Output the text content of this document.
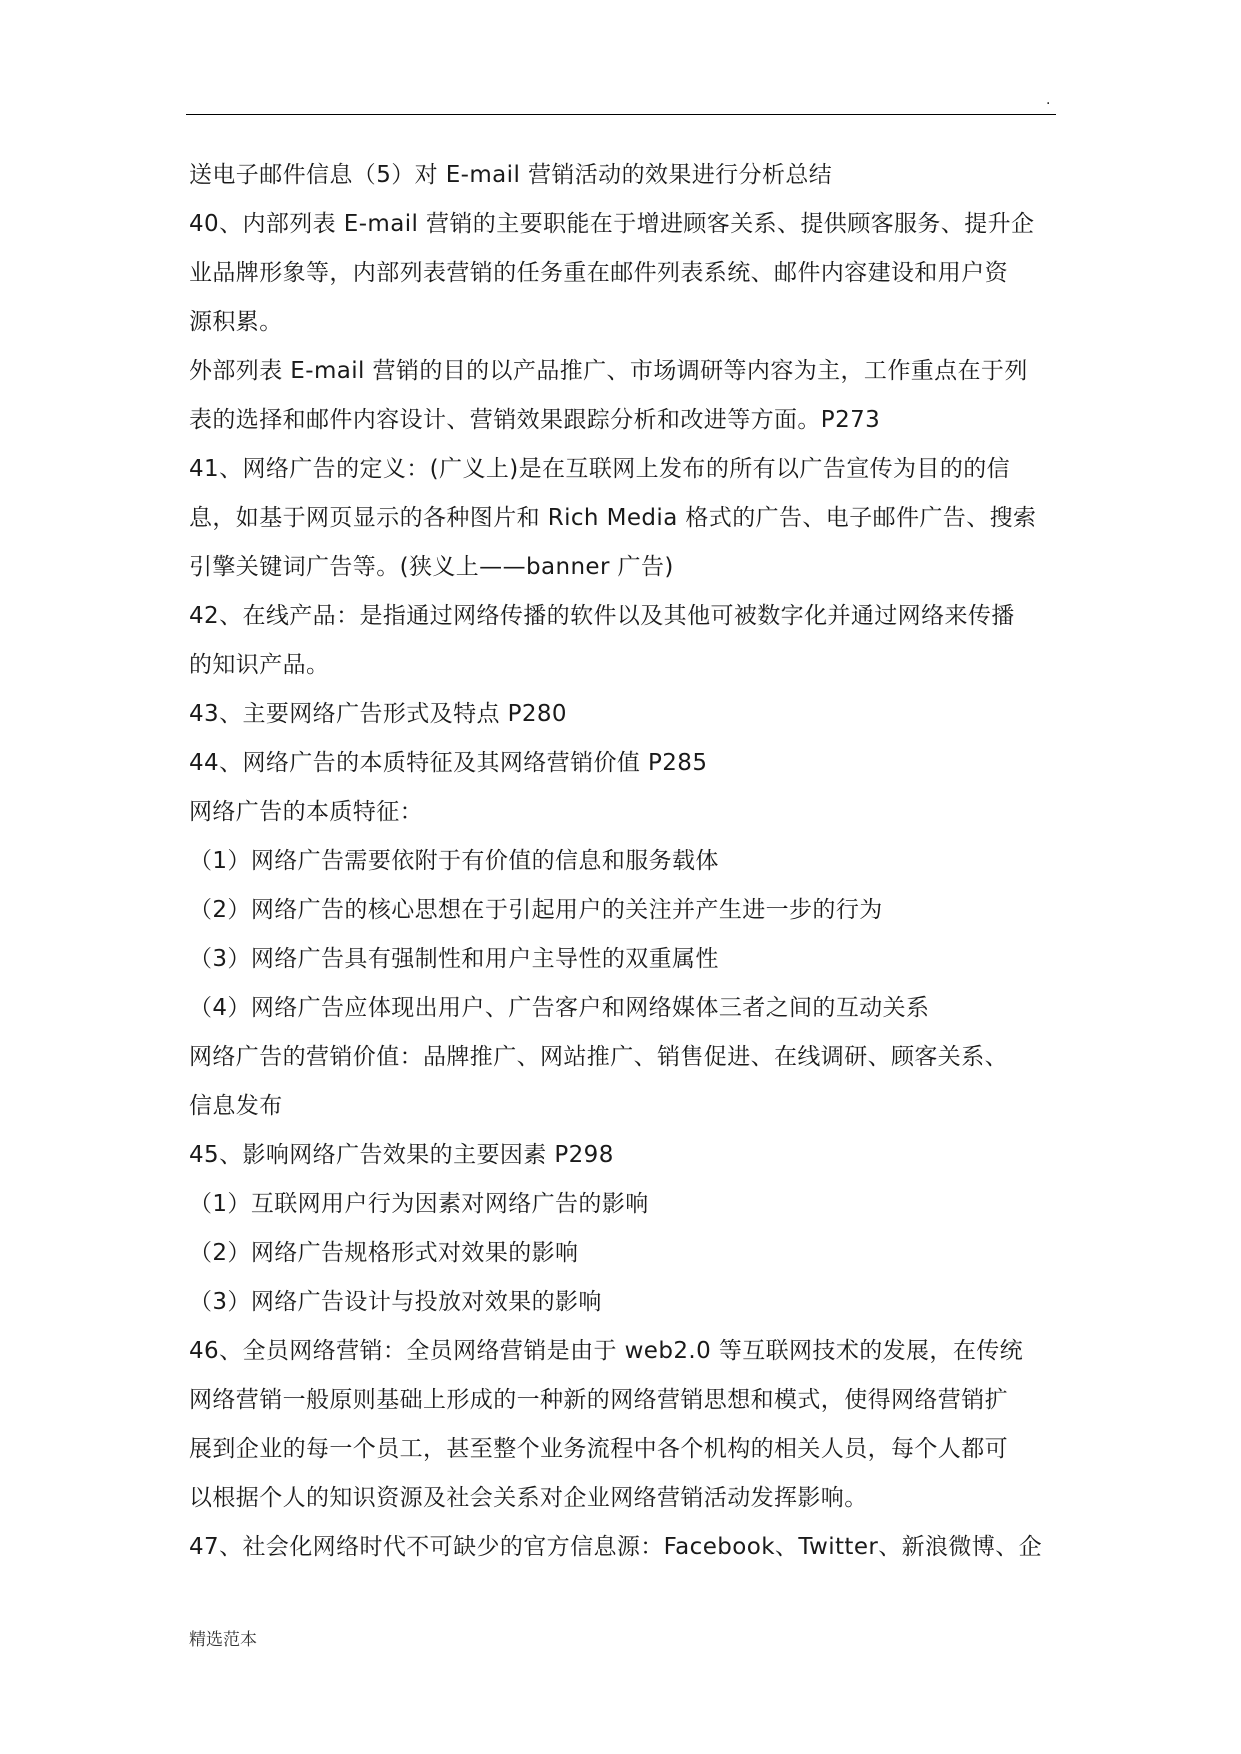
.
送电子邮件信息（5）对 E-mail 营销活动的效果进行分析总结
40、内部列表 E-mail 营销的主要职能在于增进顾客关系、提供顾客服务、提升企
业品牌形象等，内部列表营销的任务重在邮件列表系统、邮件内容建设和用户资
源积累。
外部列表 E-mail 营销的目的以产品推广、市场调研等内容为主，工作重点在于列
表的选择和邮件内容设计、营销效果跟踪分析和改进等方面。P273
41、网络广告的定义：(广义上)是在互联网上发布的所有以广告宣传为目的的信
息，如基于网页显示的各种图片和 Rich Media 格式的广告、电子邮件广告、搜索
引擎关键词广告等。(狭义上——banner 广告)
42、在线产品：是指通过网络传播的软件以及其他可被数字化并通过网络来传播
的知识产品。
43、主要网络广告形式及特点 P280
44、网络广告的本质特征及其网络营销价值 P285
网络广告的本质特征：
（1）网络广告需要依附于有价值的信息和服务载体
（2）网络广告的核心思想在于引起用户的关注并产生进一步的行为
（3）网络广告具有强制性和用户主导性的双重属性
（4）网络广告应体现出用户、广告客户和网络媒体三者之间的互动关系
网络广告的营销价值：品牌推广、网站推广、销售促进、在线调研、顾客关系、
信息发布
45、影响网络广告效果的主要因素 P298
（1）互联网用户行为因素对网络广告的影响
（2）网络广告规格形式对效果的影响
（3）网络广告设计与投放对效果的影响
46、全员网络营销：全员网络营销是由于 web2.0 等互联网技术的发展，在传统
网络营销一般原则基础上形成的一种新的网络营销思想和模式，使得网络营销扩
展到企业的每一个员工，甚至整个业务流程中各个机构的相关人员，每个人都可
以根据个人的知识资源及社会关系对企业网络营销活动发挥影响。
47、社会化网络时代不可缺少的官方信息源：Facebook、Twitter、新浪微博、企
精选范本
